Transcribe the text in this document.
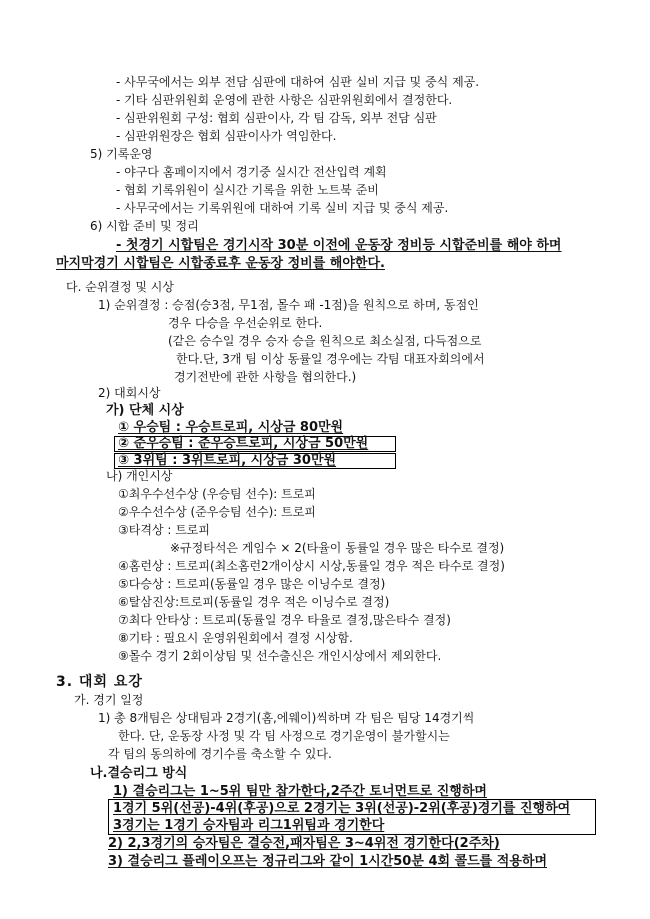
- 사무국에서는 외부 전담 심판에 대하여 심판 실비 지급 및 중식 제공.
- 기타 심판위원회 운영에 관한 사항은 심판위원회에서 결정한다.
- 심판위원회 구성: 협회 심판이사, 각 팀 감독, 외부 전담 심판
- 심판위원장은 협회 심판이사가 역임한다.
5) 기록운영
- 야구다 홈페이지에서 경기중 실시간 전산입력 계획
- 협회 기록위원이 실시간 기록을 위한 노트북 준비
- 사무국에서는 기록위원에 대하여 기록 실비 지급 및 중식 제공.
6) 시합 준비 및 정리
- 첫경기 시합팀은 경기시작 30분 이전에 운동장 정비등 시합준비를 해야 하며
마지막경기 시합팀은 시합종료후 운동장 정비를 해야한다.
다. 순위결정 및 시상
1) 순위결정 : 승점(승3점, 무1점, 몰수 패 -1점)을 원칙으로 하며, 동점인
경우 다승을 우선순위로 한다.
(같은 승수일 경우 승자 승을 원칙으로 최소실점, 다득점으로
한다.단, 3개 팀 이상 동률일 경우에는 각팀 대표자회의에서
경기전반에 관한 사항을 협의한다.)
2) 대회시상
가) 단체 시상
① 우승팀 : 우승트로피, 시상금 80만원
② 준우승팀 : 준우승트로피, 시상금 50만원
③ 3위팀 : 3위트로피, 시상금 30만원
나) 개인시상
①최우수선수상 (우승팀 선수): 트로피
②우수선수상 (준우승팀 선수): 트로피
③타격상 : 트로피
※규정타석은 게임수 × 2(타율이 동률일 경우 많은 타수로 결정)
④홈런상 : 트로피(최소홈런2개이상시 시상,동률일 경우 적은 타수로 결정)
⑤다승상 : 트로피(동률일 경우 많은 이닝수로 결정)
⑥탈삼진상:트로피(동률일 경우 적은 이닝수로 결정)
⑦최다 안타상 : 트로피(동률일 경우 타율로 결정,많은타수 결정)
⑧기타 : 필요시 운영위원회에서 결정 시상함.
⑨몰수 경기 2회이상팀 및 선수출신은 개인시상에서 제외한다.
3. 대회 요강
가. 경기 일정
1) 총 8개팀은 상대팀과 2경기(홈,에웨이)씩하며 각 팀은 팀당 14경기씩
한다. 단, 운동장 사정 및 각 팀 사정으로 경기운영이 불가할시는
각 팀의 동의하에 경기수를 축소할 수 있다.
나.결승리그 방식
1) 결승리그는 1~5위 팀만 참가한다,2주간 토너먼트로 진행하며
1경기 5위(선공)-4위(후공)으로 2경기는 3위(선공)-2위(후공)경기를 진행하여
3경기는 1경기 승자팀과 리그1위팀과 경기한다
2) 2,3경기의 승자팀은 결승전,패자팀은 3~4위전 경기한다(2주차)
3) 결승리그 플레이오프는 정규리그와 같이 1시간50분 4회 콜드를 적용하며
